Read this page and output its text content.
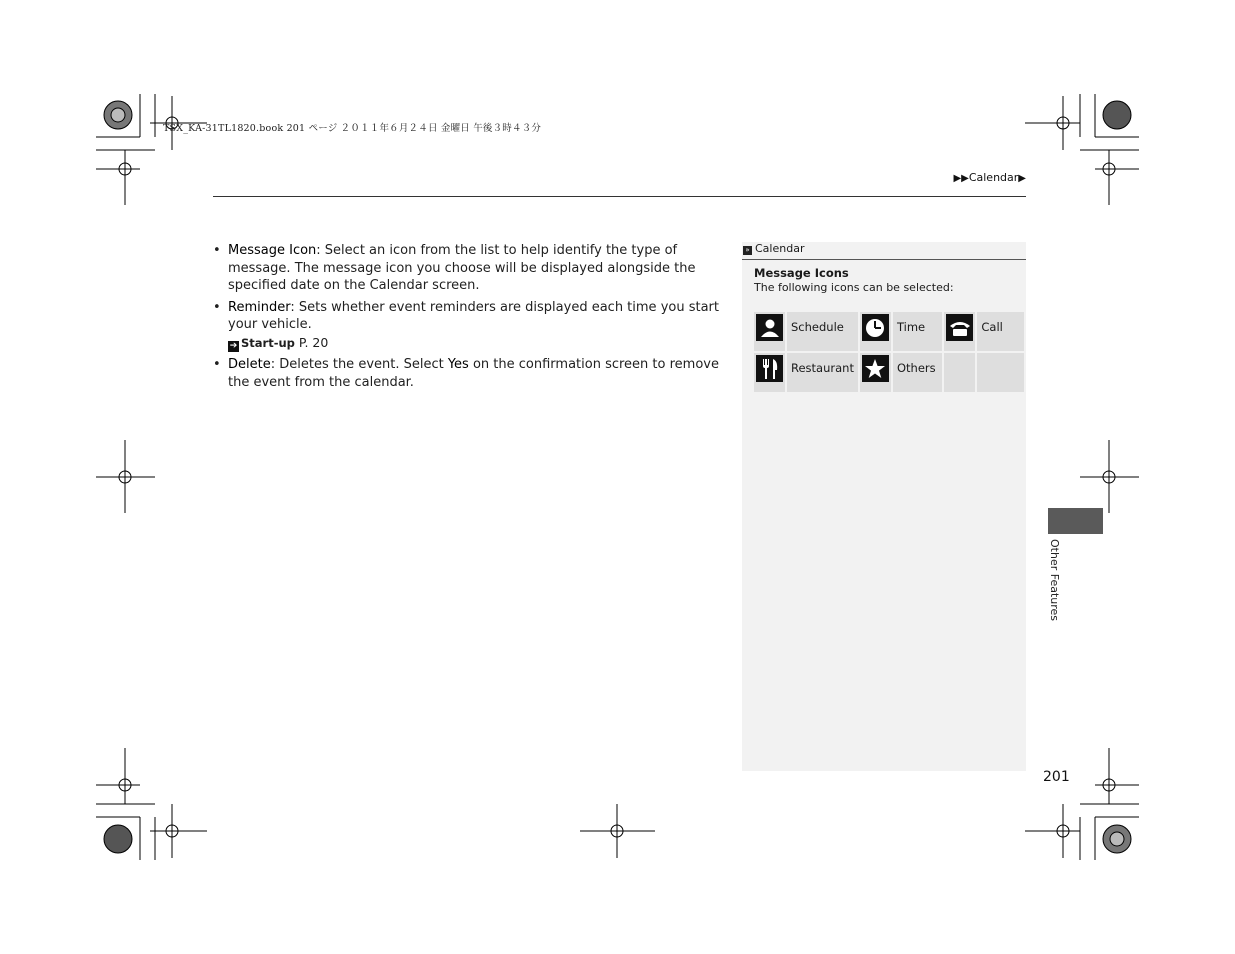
TSX_KA-31TL1820.book 201 ページ ２０１１年６月２４日 金曜日 午後３時４３分
▶▶Calendar▶
• Message Icon: Select an icon from the list to help identify the type of message. The message icon you choose will be displayed alongside the specified date on the Calendar screen.
• Reminder: Sets whether event reminders are displayed each time you start your vehicle.
➔ Start-up P. 20
• Delete: Deletes the event. Select Yes on the confirmation screen to remove the event from the calendar.
» Calendar
Message Icons
The following icons can be selected:
	Schedule		Time		Call

	Restaurant		Others		
Other Features
201
